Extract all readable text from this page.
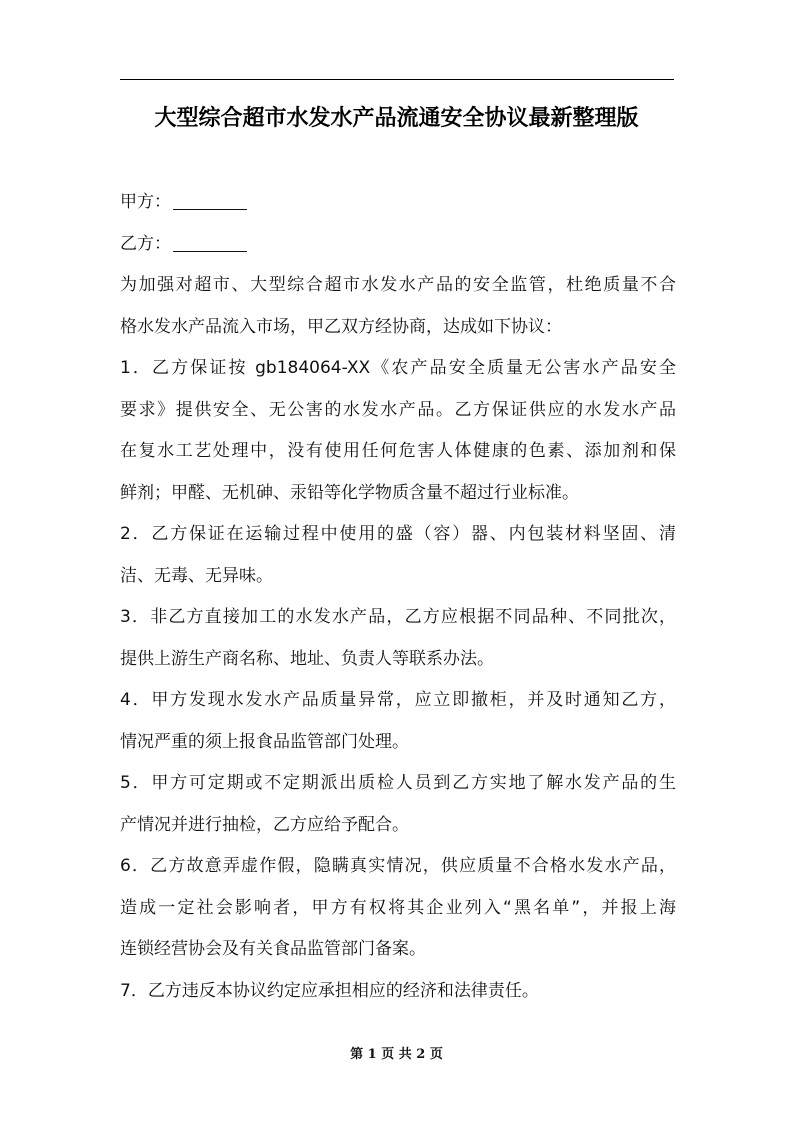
大型综合超市水发水产品流通安全协议最新整理版
甲方：
乙方：
为加强对超市、大型综合超市水发水产品的安全监管，杜绝质量不合
格水发水产品流入市场，甲乙双方经协商，达成如下协议：
1．乙方保证按 gb184064-XX《农产品安全质量无公害水产品安全
要求》提供安全、无公害的水发水产品。乙方保证供应的水发水产品
在复水工艺处理中，没有使用任何危害人体健康的色素、添加剂和保
鲜剂；甲醛、无机砷、汞铅等化学物质含量不超过行业标准。
2．乙方保证在运输过程中使用的盛（容）器、内包装材料坚固、清
洁、无毒、无异味。
3．非乙方直接加工的水发水产品，乙方应根据不同品种、不同批次，
提供上游生产商名称、地址、负责人等联系办法。
4．甲方发现水发水产品质量异常，应立即撤柜，并及时通知乙方，
情况严重的须上报食品监管部门处理。
5．甲方可定期或不定期派出质检人员到乙方实地了解水发产品的生
产情况并进行抽检，乙方应给予配合。
6．乙方故意弄虚作假，隐瞒真实情况，供应质量不合格水发水产品，
造成一定社会影响者，甲方有权将其企业列入“黑名单”，并报上海
连锁经营协会及有关食品监管部门备案。
7．乙方违反本协议约定应承担相应的经济和法律责任。
第 1 页 共 2 页
